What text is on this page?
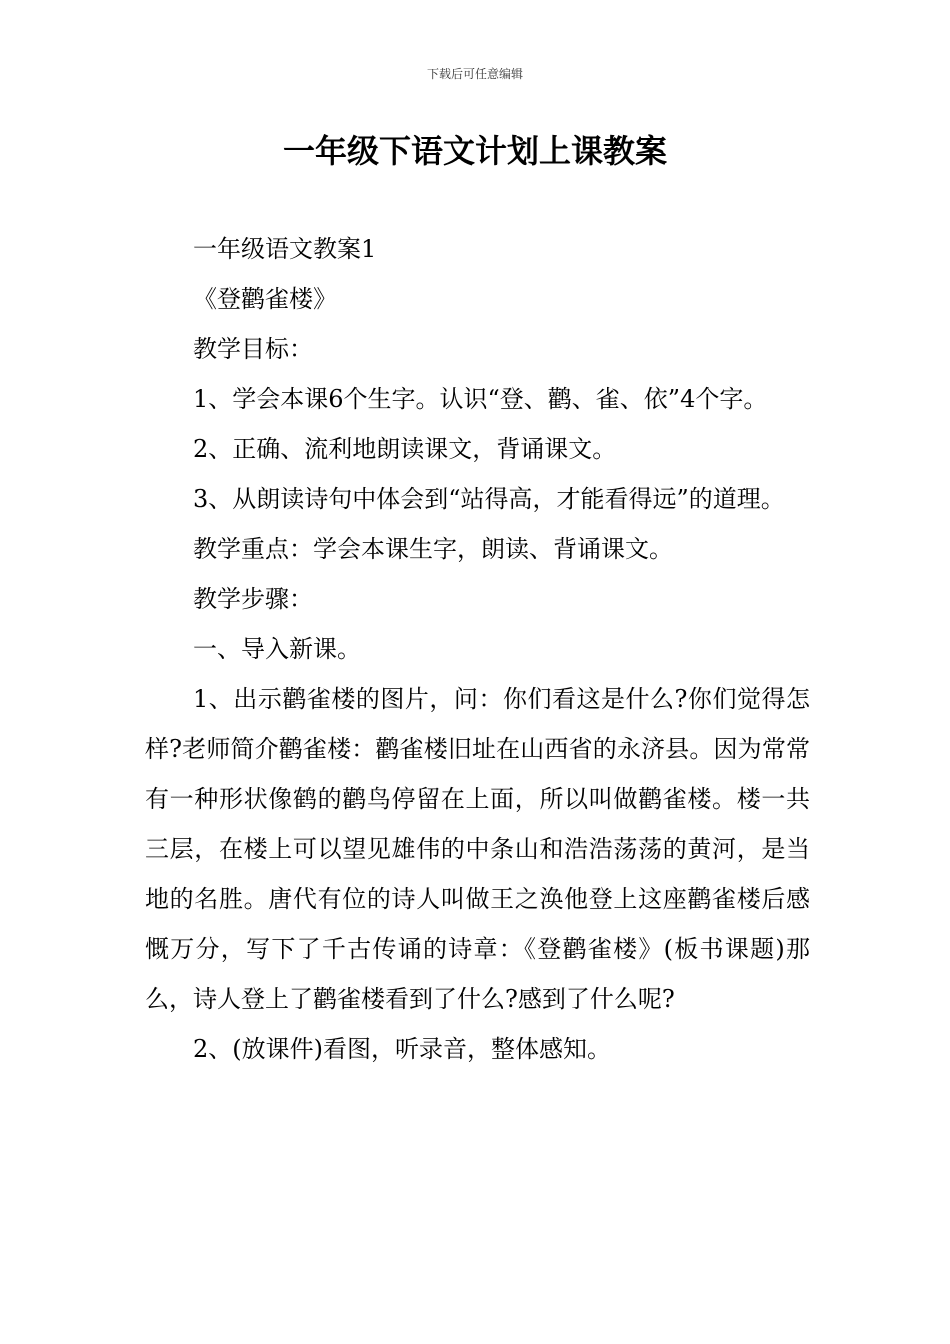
下载后可任意编辑
一年级下语文计划上课教案

一年级语文教案1

《登鹳雀楼》

教学目标：

1、学会本课6个生字。认识“登、鹳、雀、依”4个字。

2、正确、流利地朗读课文，背诵课文。

3、从朗读诗句中体会到“站得高，才能看得远”的道理。

教学重点：学会本课生字，朗读、背诵课文。

教学步骤：

一、导入新课。

1、出示鹳雀楼的图片，问：你们看这是什么?你们觉得怎样?老师简介鹳雀楼：鹳雀楼旧址在山西省的永济县。因为常常有一种形状像鹤的鹳鸟停留在上面，所以叫做鹳雀楼。楼一共三层，在楼上可以望见雄伟的中条山和浩浩荡荡的黄河，是当地的名胜。唐代有位的诗人叫做王之涣他登上这座鹳雀楼后感慨万分，写下了千古传诵的诗章：《登鹳雀楼》(板书课题)那么，诗人登上了鹳雀楼看到了什么?感到了什么呢?

2、(放课件)看图，听录音，整体感知。
